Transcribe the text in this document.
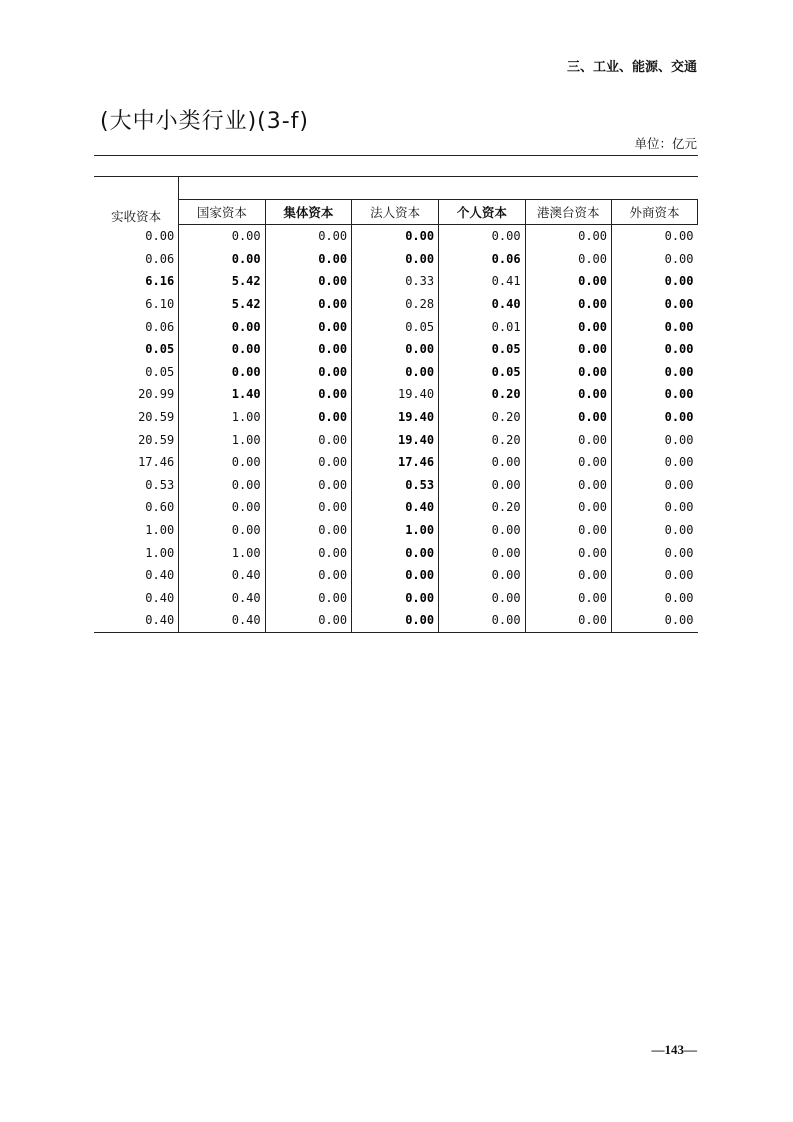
三、工业、能源、交通
(大中小类行业)(3-f)
单位：亿元
实收资本						
	国家资本	集体资本	法人资本	个人资本	港澳台资本	外商资本
0.00	0.00	0.00	0.00	0.00	0.00	0.00
0.06	0.00	0.00	0.00	0.06	0.00	0.00
6.16	5.42	0.00	0.33	0.41	0.00	0.00
6.10	5.42	0.00	0.28	0.40	0.00	0.00
0.06	0.00	0.00	0.05	0.01	0.00	0.00
0.05	0.00	0.00	0.00	0.05	0.00	0.00
0.05	0.00	0.00	0.00	0.05	0.00	0.00
20.99	1.40	0.00	19.40	0.20	0.00	0.00
20.59	1.00	0.00	19.40	0.20	0.00	0.00
20.59	1.00	0.00	19.40	0.20	0.00	0.00
17.46	0.00	0.00	17.46	0.00	0.00	0.00
0.53	0.00	0.00	0.53	0.00	0.00	0.00
0.60	0.00	0.00	0.40	0.20	0.00	0.00
1.00	0.00	0.00	1.00	0.00	0.00	0.00
1.00	1.00	0.00	0.00	0.00	0.00	0.00
0.40	0.40	0.00	0.00	0.00	0.00	0.00
0.40	0.40	0.00	0.00	0.00	0.00	0.00
0.40	0.40	0.00	0.00	0.00	0.00	0.00
—143—
